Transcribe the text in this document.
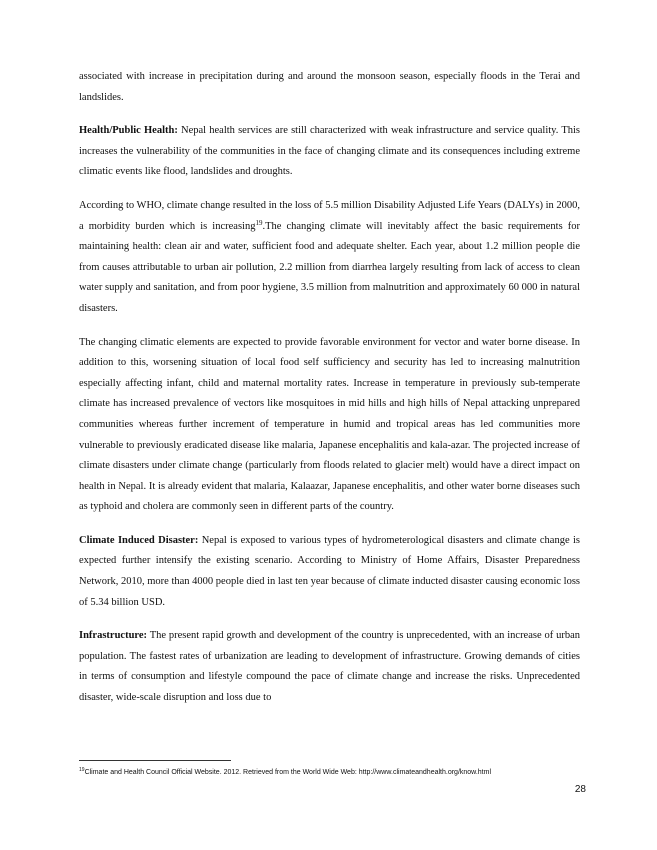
associated with increase in precipitation during and around the monsoon season, especially floods in the Terai and landslides.

Health/Public Health: Nepal health services are still characterized with weak infrastructure and service quality. This increases the vulnerability of the communities in the face of changing climate and its consequences including extreme climatic events like flood, landslides and droughts.

According to WHO, climate change resulted in the loss of 5.5 million Disability Adjusted Life Years (DALYs) in 2000, a morbidity burden which is increasing$^{19}$.The changing climate will inevitably affect the basic requirements for maintaining health: clean air and water, sufficient food and adequate shelter. Each year, about 1.2 million people die from causes attributable to urban air pollution, 2.2 million from diarrhea largely resulting from lack of access to clean water supply and sanitation, and from poor hygiene, 3.5 million from malnutrition and approximately 60 000 in natural disasters.

The changing climatic elements are expected to provide favorable environment for vector and water borne disease. In addition to this, worsening situation of local food self sufficiency and security has led to increasing malnutrition especially affecting infant, child and maternal mortality rates. Increase in temperature in previously sub-temperate climate has increased prevalence of vectors like mosquitoes in mid hills and high hills of Nepal attacking unprepared communities whereas further increment of temperature in humid and tropical areas has led communities more vulnerable to previously eradicated disease like malaria, Japanese encephalitis and kala-azar. The projected increase of climate disasters under climate change (particularly from floods related to glacier melt) would have a direct impact on health in Nepal. It is already evident that malaria, Kalaazar, Japanese encephalitis, and other water borne diseases such as typhoid and cholera are commonly seen in different parts of the country.

Climate Induced Disaster: Nepal is exposed to various types of hydrometerological disasters and climate change is expected further intensify the existing scenario. According to Ministry of Home Affairs, Disaster Preparedness Network, 2010, more than 4000 people died in last ten year because of climate inducted disaster causing economic loss of 5.34 billion USD.

Infrastructure: The present rapid growth and development of the country is unprecedented, with an increase of urban population. The fastest rates of urbanization are leading to development of infrastructure. Growing demands of cities in terms of consumption and lifestyle compound the pace of climate change and increase the risks. Unprecedented disaster, wide-scale disruption and loss due to

$^{19}$Climate and Health Council Official Website. 2012. Retrieved from the World Wide Web: http://www.climateandhealth.org/know.html
28
